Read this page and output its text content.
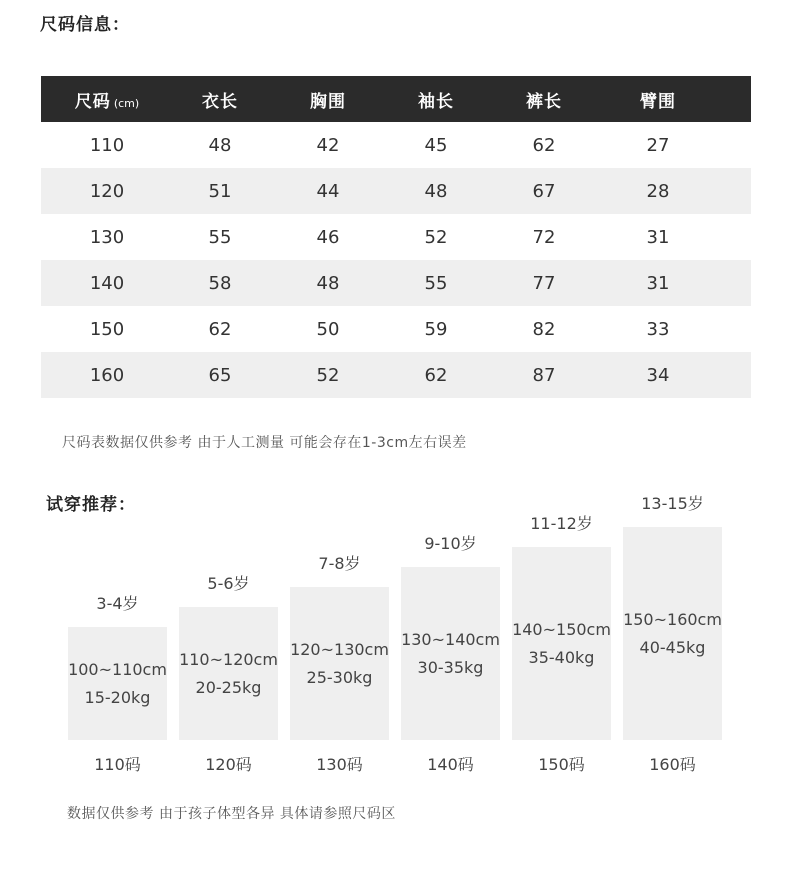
尺码信息：
尺码 (cm)	衣长	胸围	袖长	裤长	臂围
110	48	42	45	62	27
120	51	44	48	67	28
130	55	46	52	72	31
140	58	48	55	77	31
150	62	50	59	82	33
160	65	52	62	87	34
尺码表数据仅供参考 由于人工测量 可能会存在1-3cm左右误差
试穿推荐：
3-4岁
100~110cm
15-20kg
110码
5-6岁
110~120cm
20-25kg
120码
7-8岁
120~130cm
25-30kg
130码
9-10岁
130~140cm
30-35kg
140码
11-12岁
140~150cm
35-40kg
150码
13-15岁
150~160cm
40-45kg
160码
数据仅供参考 由于孩子体型各异 具体请参照尺码区
